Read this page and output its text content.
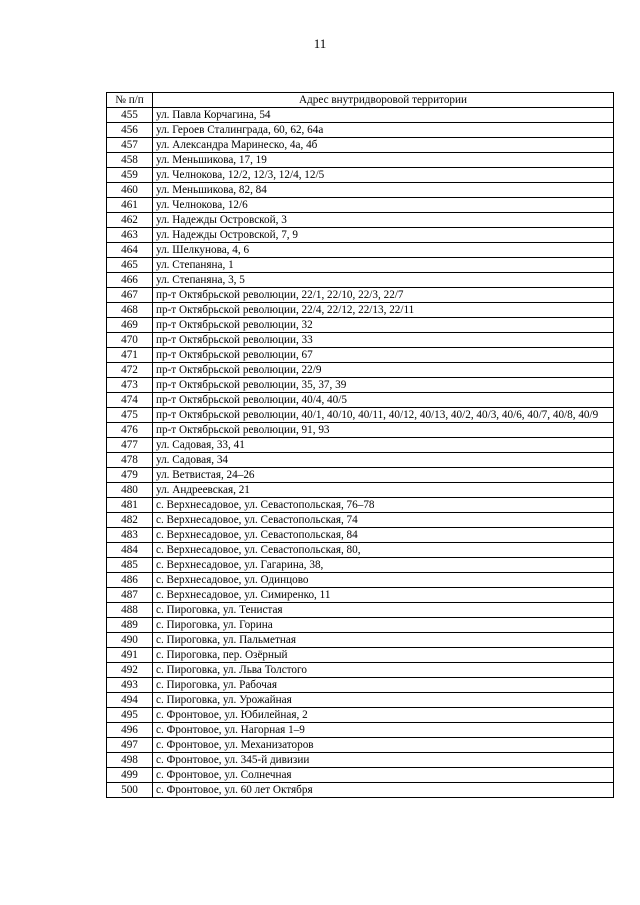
11
№ п/п	Адрес внутридворовой территории
455	ул. Павла Корчагина, 54
456	ул. Героев Сталинграда, 60, 62, 64а
457	ул. Александра Маринеско, 4а, 4б
458	ул. Меньшикова, 17, 19
459	ул. Челнокова, 12/2, 12/3, 12/4, 12/5
460	ул. Меньшикова, 82, 84
461	ул. Челнокова, 12/6
462	ул. Надежды Островской, 3
463	ул. Надежды Островской, 7, 9
464	ул. Шелкунова, 4, 6
465	ул. Степаняна, 1
466	ул. Степаняна, 3, 5
467	пр-т Октябрьской революции, 22/1, 22/10, 22/3, 22/7
468	пр-т Октябрьской революции, 22/4, 22/12, 22/13, 22/11
469	пр-т Октябрьской революции, 32
470	пр-т Октябрьской революции, 33
471	пр-т Октябрьской революции, 67
472	пр-т Октябрьской революции, 22/9
473	пр-т Октябрьской революции, 35, 37, 39
474	пр-т Октябрьской революции, 40/4, 40/5
475	пр-т Октябрьской революции, 40/1, 40/10, 40/11, 40/12, 40/13, 40/2, 40/3, 40/6, 40/7, 40/8, 40/9
476	пр-т Октябрьской революции, 91, 93
477	ул. Садовая, 33, 41
478	ул. Садовая, 34
479	ул. Ветвистая, 24–26
480	ул. Андреевская, 21
481	с. Верхнесадовое, ул. Севастопольская, 76–78
482	с. Верхнесадовое, ул. Севастопольская, 74
483	с. Верхнесадовое, ул. Севастопольская, 84
484	с. Верхнесадовое, ул. Севастопольская, 80,
485	с. Верхнесадовое, ул. Гагарина, 38,
486	с. Верхнесадовое, ул. Одинцово
487	с. Верхнесадовое, ул. Симиренко, 11
488	с. Пироговка, ул. Тенистая
489	с. Пироговка, ул. Горина
490	с. Пироговка, ул. Пальметная
491	с. Пироговка, пер. Озёрный
492	с. Пироговка, ул. Льва Толстого
493	с. Пироговка, ул. Рабочая
494	с. Пироговка, ул. Урожайная
495	с. Фронтовое, ул. Юбилейная, 2
496	с. Фронтовое, ул. Нагорная 1–9
497	с. Фронтовое, ул. Механизаторов
498	с. Фронтовое, ул. 345-й дивизии
499	с. Фронтовое, ул. Солнечная
500	с. Фронтовое, ул. 60 лет Октября
